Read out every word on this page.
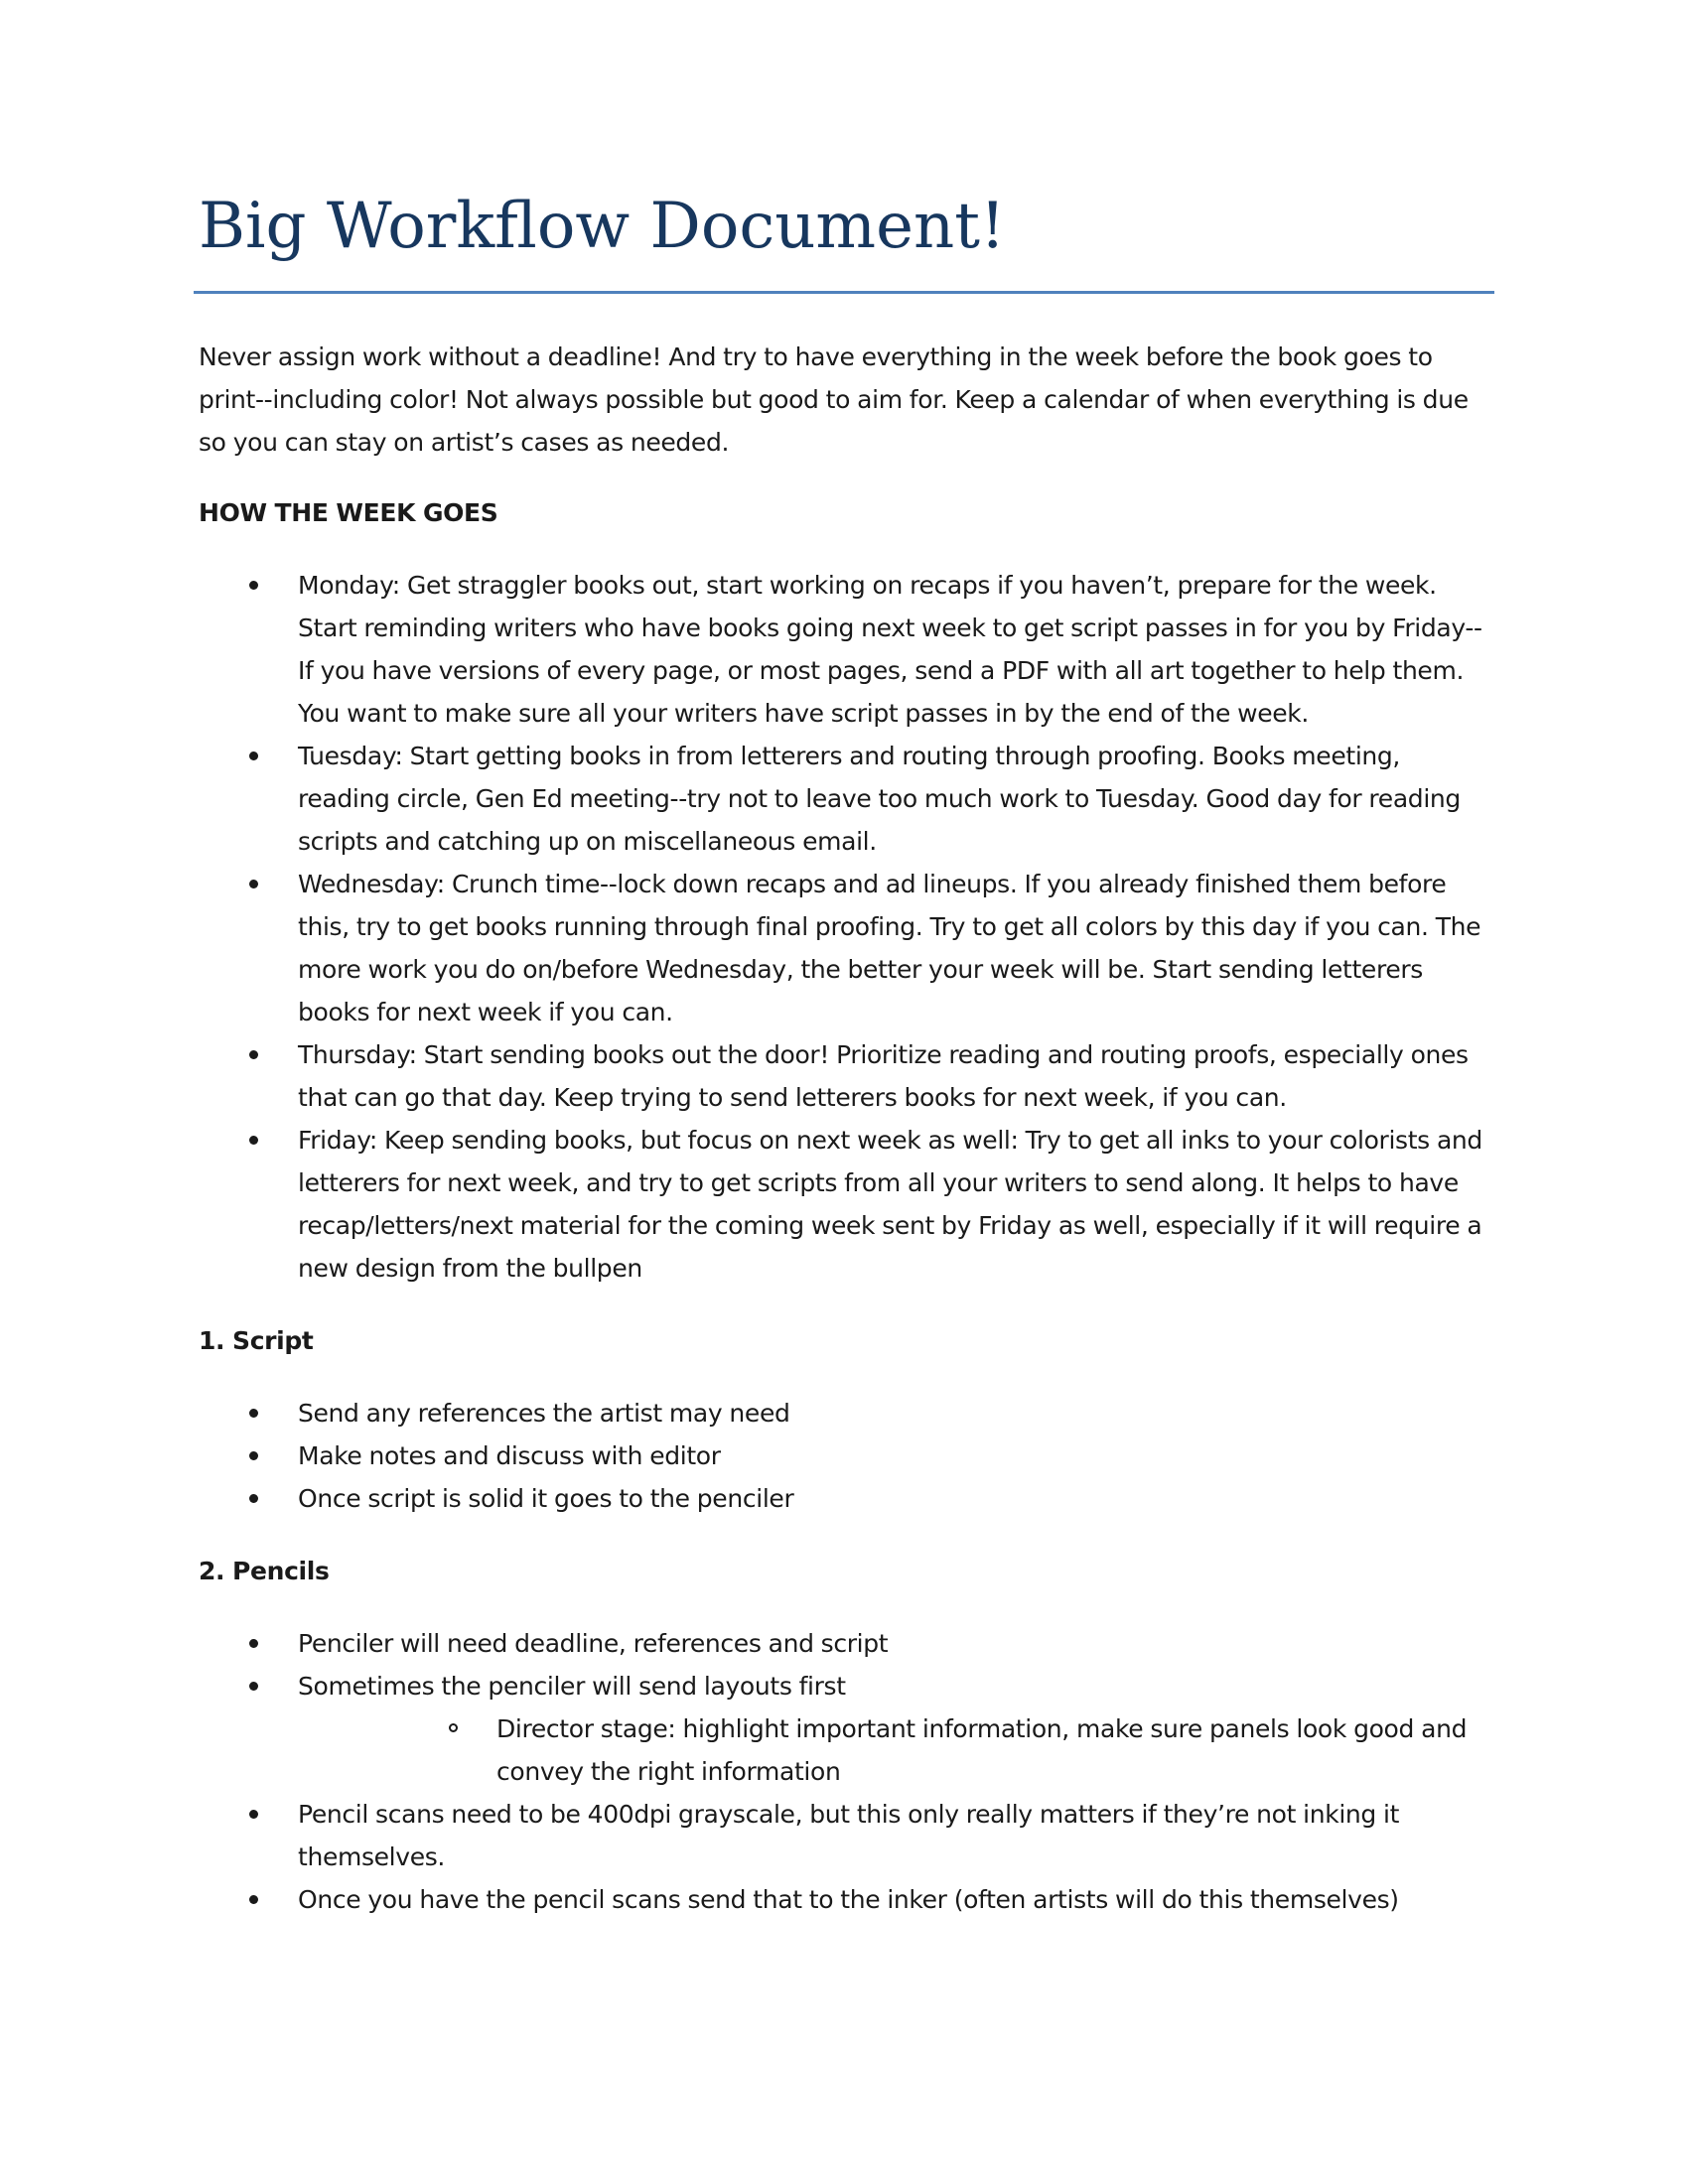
Big Workflow Document!

Never assign work without a deadline! And try to have everything in the week before the book goes to print--including color! Not always possible but good to aim for. Keep a calendar of when everything is due so you can stay on artist’s cases as needed.

HOW THE WEEK GOES

Monday: Get straggler books out, start working on recaps if you haven’t, prepare for the week. Start reminding writers who have books going next week to get script passes in for you by Friday--If you have versions of every page, or most pages, send a PDF with all art together to help them. You want to make sure all your writers have script passes in by the end of the week.
Tuesday: Start getting books in from letterers and routing through proofing. Books meeting, reading circle, Gen Ed meeting--try not to leave too much work to Tuesday. Good day for reading scripts and catching up on miscellaneous email.
Wednesday: Crunch time--lock down recaps and ad lineups. If you already finished them before this, try to get books running through final proofing. Try to get all colors by this day if you can. The more work you do on/before Wednesday, the better your week will be. Start sending letterers books for next week if you can.
Thursday: Start sending books out the door! Prioritize reading and routing proofs, especially ones that can go that day. Keep trying to send letterers books for next week, if you can.
Friday: Keep sending books, but focus on next week as well: Try to get all inks to your colorists and letterers for next week, and try to get scripts from all your writers to send along. It helps to have recap/letters/next material for the coming week sent by Friday as well, especially if it will require a new design from the bullpen

1. Script

Send any references the artist may need
Make notes and discuss with editor
Once script is solid it goes to the penciler

2. Pencils

Penciler will need deadline, references and script
Sometimes the penciler will send layouts first
Director stage: highlight important information, make sure panels look good and convey the right information
Pencil scans need to be 400dpi grayscale, but this only really matters if they’re not inking it themselves.
Once you have the pencil scans send that to the inker (often artists will do this themselves)
